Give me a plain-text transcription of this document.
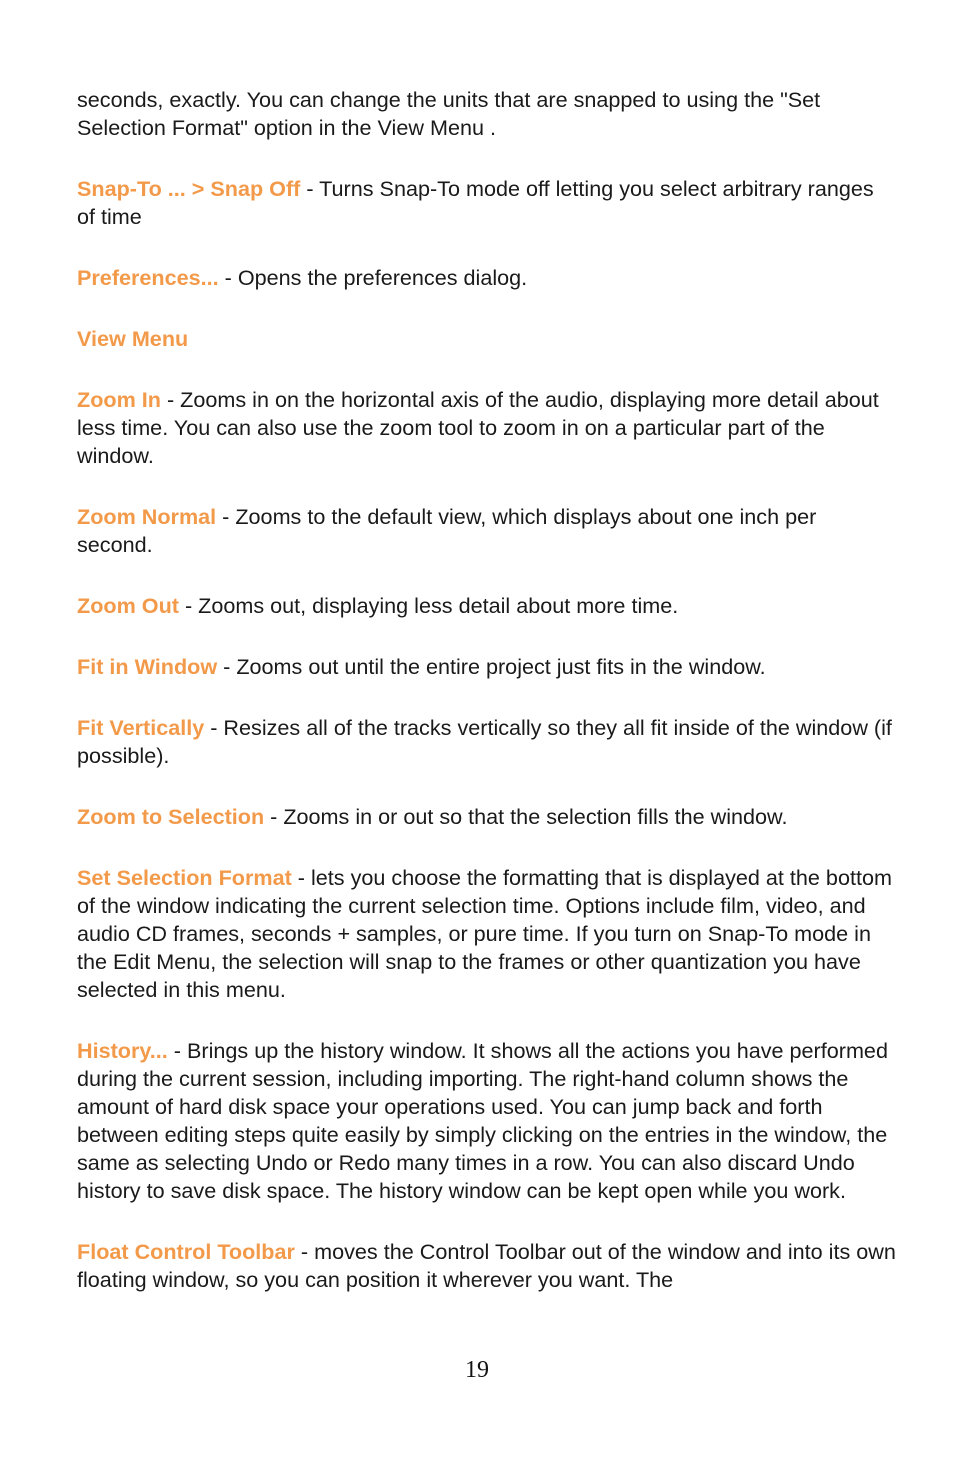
seconds, exactly. You can change the units that are snapped to using the "Set Selection Format" option in the View Menu .

Snap-To ... > Snap Off - Turns Snap-To mode off letting you select arbitrary ranges of time

Preferences... - Opens the preferences dialog.

View Menu

Zoom In - Zooms in on the horizontal axis of the audio, displaying more detail about less time. You can also use the zoom tool to zoom in on a particular part of the window.

Zoom Normal - Zooms to the default view, which displays about one inch per second.

Zoom Out - Zooms out, displaying less detail about more time.

Fit in Window - Zooms out until the entire project just fits in the window.

Fit Vertically - Resizes all of the tracks vertically so they all fit inside of the window (if possible).

Zoom to Selection - Zooms in or out so that the selection fills the window.

Set Selection Format - lets you choose the formatting that is displayed at the bottom of the window indicating the current selection time. Options include film, video, and audio CD frames, seconds + samples, or pure time. If you turn on Snap-To mode in the Edit Menu, the selection will snap to the frames or other quantization you have selected in this menu.

History... - Brings up the history window. It shows all the actions you have performed during the current session, including importing. The right-hand column shows the amount of hard disk space your operations used. You can jump back and forth between editing steps quite easily by simply clicking on the entries in the window, the same as selecting Undo or Redo many times in a row. You can also discard Undo history to save disk space. The history window can be kept open while you work.

Float Control Toolbar - moves the Control Toolbar out of the window and into its own floating window, so you can position it wherever you want. The

19
